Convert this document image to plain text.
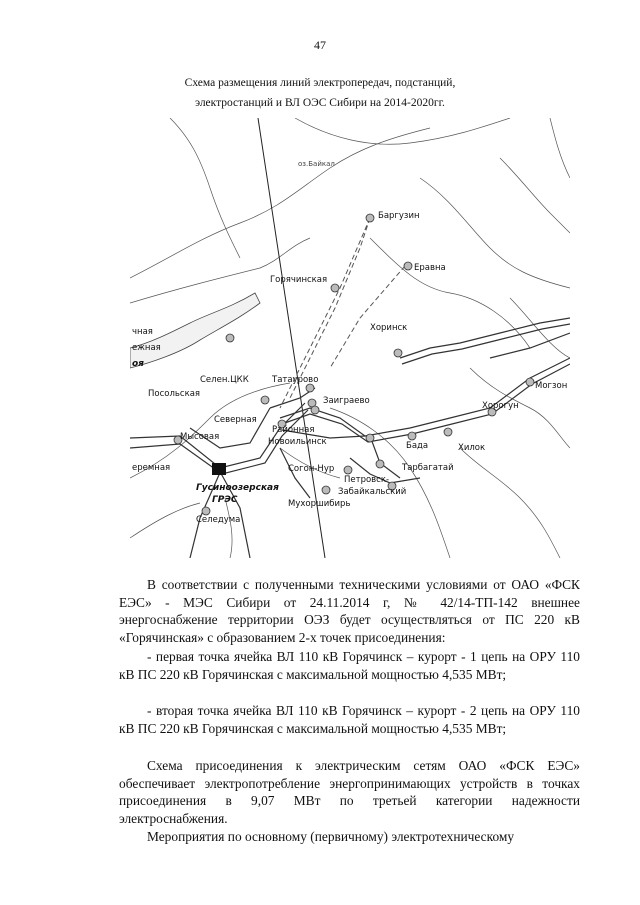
47
Схема размещения линий электропередач, подстанций,
электростанций и ВЛ ОЭС Сибири на 2014-2020гг.
оз.Байкал
Баргузин
Еравна
Горячинская
Хоринск
чная
ежная
оя
Могзон
Селен.ЦКК	Татаурово
Посольская
Северная
Заиграево	Хорогун
Мысовая
Районная
Новоильинск	Бада	Хилок
еремная	Согон-Нур	Тарбагатай
Петровск-
Забайкальский
Гусиноозерская
ГРЭС	Мухоршибирь
Селедума

В соответствии с полученными техническими условиями от ОАО «ФСК ЕЭС» - МЭС Сибири от 24.11.2014 г, № 42/14-ТП-142 внешнее энергоснабжение территории ОЭЗ будет осуществляться от ПС 220 кВ «Горячинская» с образованием 2-х точек присоединения:

- первая точка ячейка ВЛ 110 кВ Горячинск – курорт - 1 цепь на ОРУ 110 кВ ПС 220 кВ Горячинская с максимальной мощностью 4,535 МВт;

- вторая точка ячейка ВЛ 110 кВ Горячинск – курорт - 2 цепь на ОРУ 110 кВ ПС 220 кВ Горячинская с максимальной мощностью 4,535 МВт;

Схема присоединения к электрическим сетям ОАО «ФСК ЕЭС» обеспечивает электропотребление энергопринимающих устройств в точках присоединения в 9,07 МВт по третьей категории надежности электроснабжения.

Мероприятия по основному (первичному) электротехническому
